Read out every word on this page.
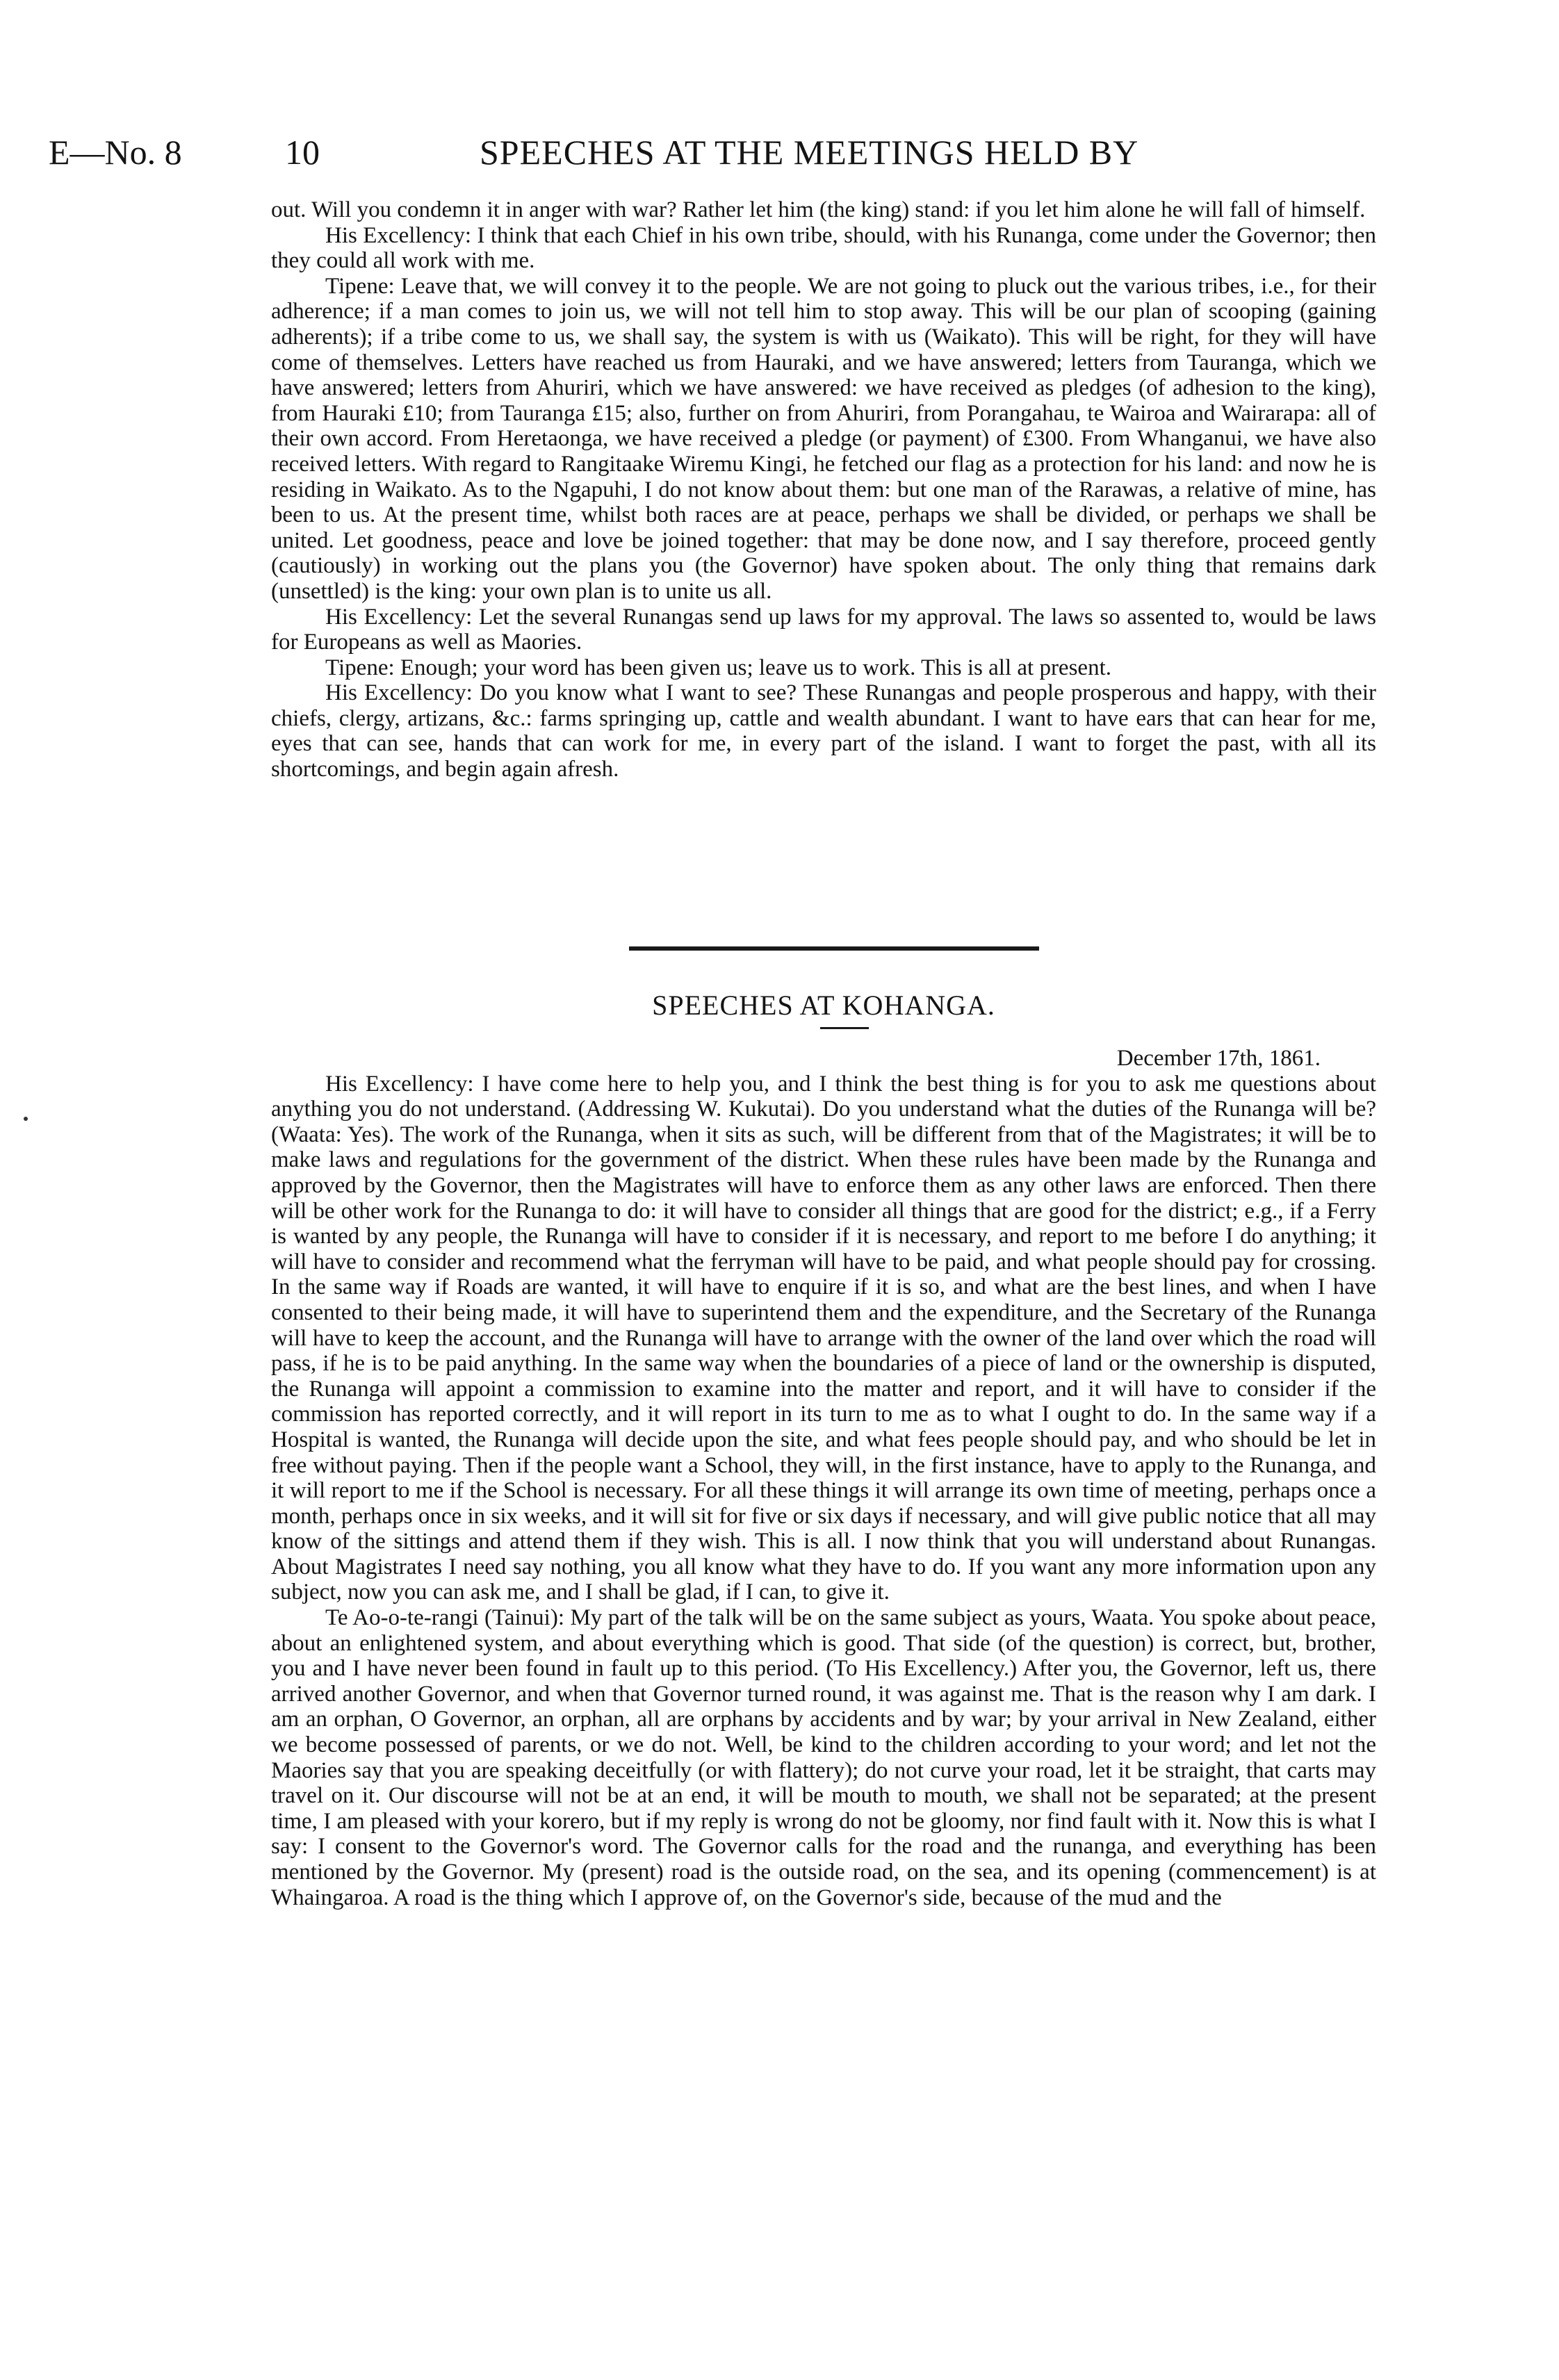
E—No. 8	10	SPEECHES AT THE MEETINGS HELD BY

out. Will you condemn it in anger with war? Rather let him (the king) stand: if you let him alone he will fall of himself.

His Excellency: I think that each Chief in his own tribe, should, with his Runanga, come under the Governor; then they could all work with me.

Tipene: Leave that, we will convey it to the people. We are not going to pluck out the various tribes, i.e., for their adherence; if a man comes to join us, we will not tell him to stop away. This will be our plan of scooping (gaining adherents); if a tribe come to us, we shall say, the system is with us (Waikato). This will be right, for they will have come of themselves. Letters have reached us from Hauraki, and we have answered; letters from Tauranga, which we have answered; letters from Ahuriri, which we have answered: we have received as pledges (of adhesion to the king), from Hauraki £10; from Tauranga £15; also, further on from Ahuriri, from Porangahau, te Wairoa and Wairarapa: all of their own accord. From Heretaonga, we have received a pledge (or payment) of £300. From Whanganui, we have also received letters. With regard to Rangitaake Wiremu Kingi, he fetched our flag as a protection for his land: and now he is residing in Waikato. As to the Ngapuhi, I do not know about them: but one man of the Rarawas, a relative of mine, has been to us. At the present time, whilst both races are at peace, perhaps we shall be divided, or perhaps we shall be united. Let goodness, peace and love be joined together: that may be done now, and I say therefore, proceed gently (cautiously) in working out the plans you (the Governor) have spoken about. The only thing that remains dark (unsettled) is the king: your own plan is to unite us all.

His Excellency: Let the several Runangas send up laws for my approval. The laws so assented to, would be laws for Europeans as well as Maories.

Tipene: Enough; your word has been given us; leave us to work. This is all at present.

His Excellency: Do you know what I want to see? These Runangas and people prosperous and happy, with their chiefs, clergy, artizans, &c.: farms springing up, cattle and wealth abundant. I want to have ears that can hear for me, eyes that can see, hands that can work for me, in every part of the island. I want to forget the past, with all its shortcomings, and begin again afresh.

SPEECHES AT KOHANGA.

December 17th, 1861.

His Excellency: I have come here to help you, and I think the best thing is for you to ask me questions about anything you do not understand. (Addressing W. Kukutai). Do you understand what the duties of the Runanga will be? (Waata: Yes). The work of the Runanga, when it sits as such, will be different from that of the Magistrates; it will be to make laws and regulations for the government of the district. When these rules have been made by the Runanga and approved by the Governor, then the Magistrates will have to enforce them as any other laws are enforced. Then there will be other work for the Runanga to do: it will have to consider all things that are good for the district; e.g., if a Ferry is wanted by any people, the Runanga will have to consider if it is necessary, and report to me before I do anything; it will have to consider and recommend what the ferryman will have to be paid, and what people should pay for crossing. In the same way if Roads are wanted, it will have to enquire if it is so, and what are the best lines, and when I have consented to their being made, it will have to superintend them and the expenditure, and the Secretary of the Runanga will have to keep the account, and the Runanga will have to arrange with the owner of the land over which the road will pass, if he is to be paid anything. In the same way when the boundaries of a piece of land or the ownership is disputed, the Runanga will appoint a commission to examine into the matter and report, and it will have to consider if the commission has reported correctly, and it will report in its turn to me as to what I ought to do. In the same way if a Hospital is wanted, the Runanga will decide upon the site, and what fees people should pay, and who should be let in free without paying. Then if the people want a School, they will, in the first instance, have to apply to the Runanga, and it will report to me if the School is necessary. For all these things it will arrange its own time of meeting, perhaps once a month, perhaps once in six weeks, and it will sit for five or six days if necessary, and will give public notice that all may know of the sittings and attend them if they wish. This is all. I now think that you will understand about Runangas. About Magistrates I need say nothing, you all know what they have to do. If you want any more information upon any subject, now you can ask me, and I shall be glad, if I can, to give it.

Te Ao-o-te-rangi (Tainui): My part of the talk will be on the same subject as yours, Waata. You spoke about peace, about an enlightened system, and about everything which is good. That side (of the question) is correct, but, brother, you and I have never been found in fault up to this period. (To His Excellency.) After you, the Governor, left us, there arrived another Governor, and when that Governor turned round, it was against me. That is the reason why I am dark. I am an orphan, O Governor, an orphan, all are orphans by accidents and by war; by your arrival in New Zealand, either we become possessed of parents, or we do not. Well, be kind to the children according to your word; and let not the Maories say that you are speaking deceitfully (or with flattery); do not curve your road, let it be straight, that carts may travel on it. Our discourse will not be at an end, it will be mouth to mouth, we shall not be separated; at the present time, I am pleased with your korero, but if my reply is wrong do not be gloomy, nor find fault with it. Now this is what I say: I consent to the Governor's word. The Governor calls for the road and the runanga, and everything has been mentioned by the Governor. My (present) road is the outside road, on the sea, and its opening (commencement) is at Whaingaroa. A road is the thing which I approve of, on the Governor's side, because of the mud and the
